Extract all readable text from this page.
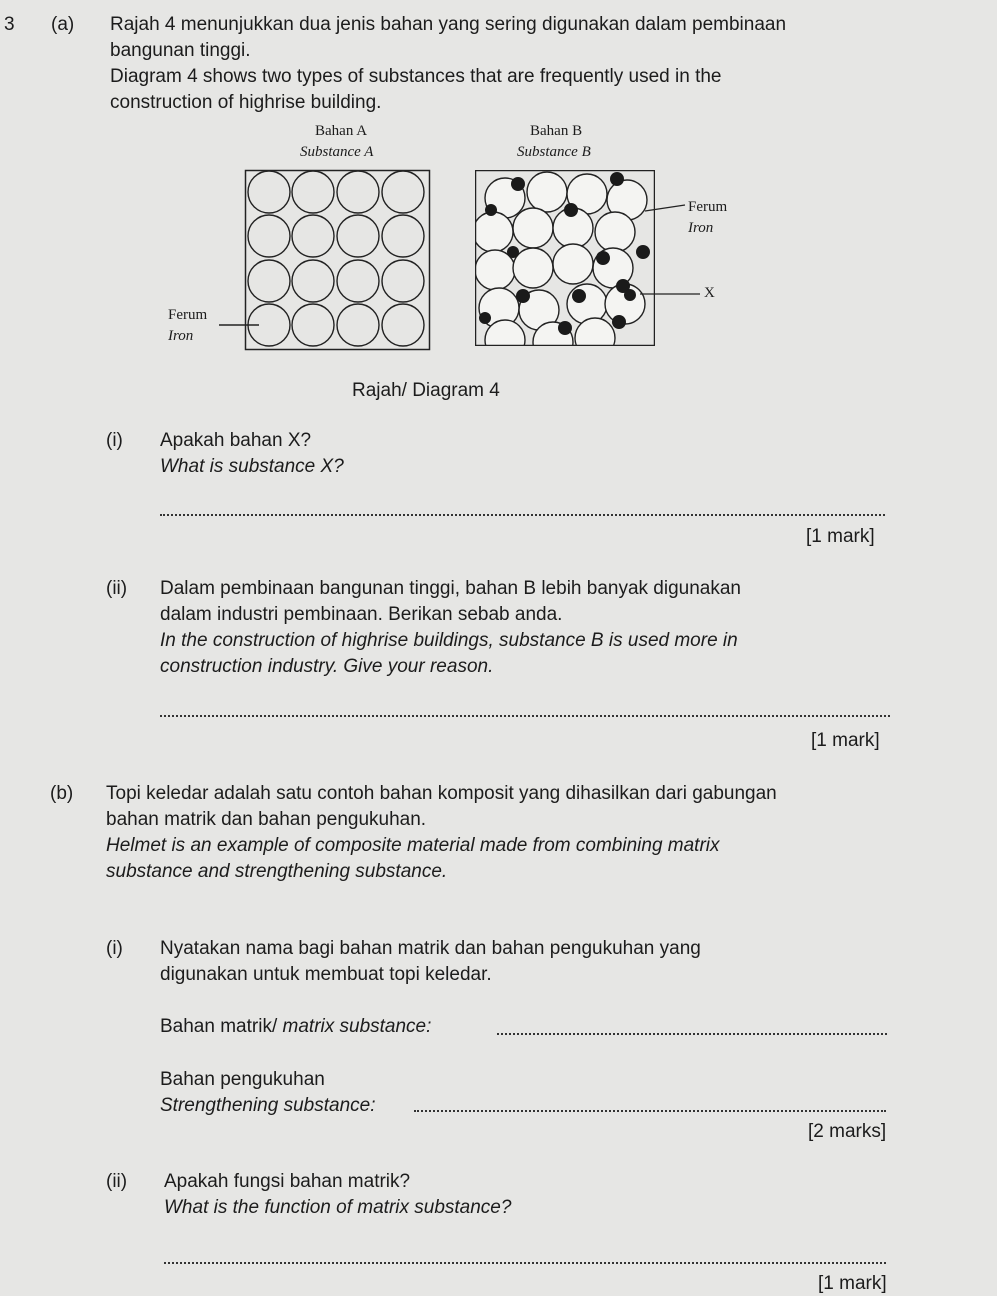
3 (a) Rajah 4 menunjukkan dua jenis bahan yang sering digunakan dalam pembinaan

bangunan tinggi.

Diagram 4 shows two types of substances that are frequently used in the

construction of highrise building.

Bahan A

Substance A

Bahan B

Substance B

Ferum

Iron

Ferum

Iron

X

Rajah/ Diagram 4

(i) Apakah bahan X?

What is substance X?

[1 mark]

(ii) Dalam pembinaan bangunan tinggi, bahan B lebih banyak digunakan

dalam industri pembinaan. Berikan sebab anda.

In the construction of highrise buildings, substance B is used more in

construction industry. Give your reason.

[1 mark]

(b) Topi keledar adalah satu contoh bahan komposit yang dihasilkan dari gabungan

bahan matrik dan bahan pengukuhan.

Helmet is an example of composite material made from combining matrix

substance and strengthening substance.

(i) Nyatakan nama bagi bahan matrik dan bahan pengukuhan yang

digunakan untuk membuat topi keledar.

Bahan matrik/ matrix substance:

Bahan pengukuhan

Strengthening substance:

[2 marks]

(ii) Apakah fungsi bahan matrik?

What is the function of matrix substance?

[1 mark]
